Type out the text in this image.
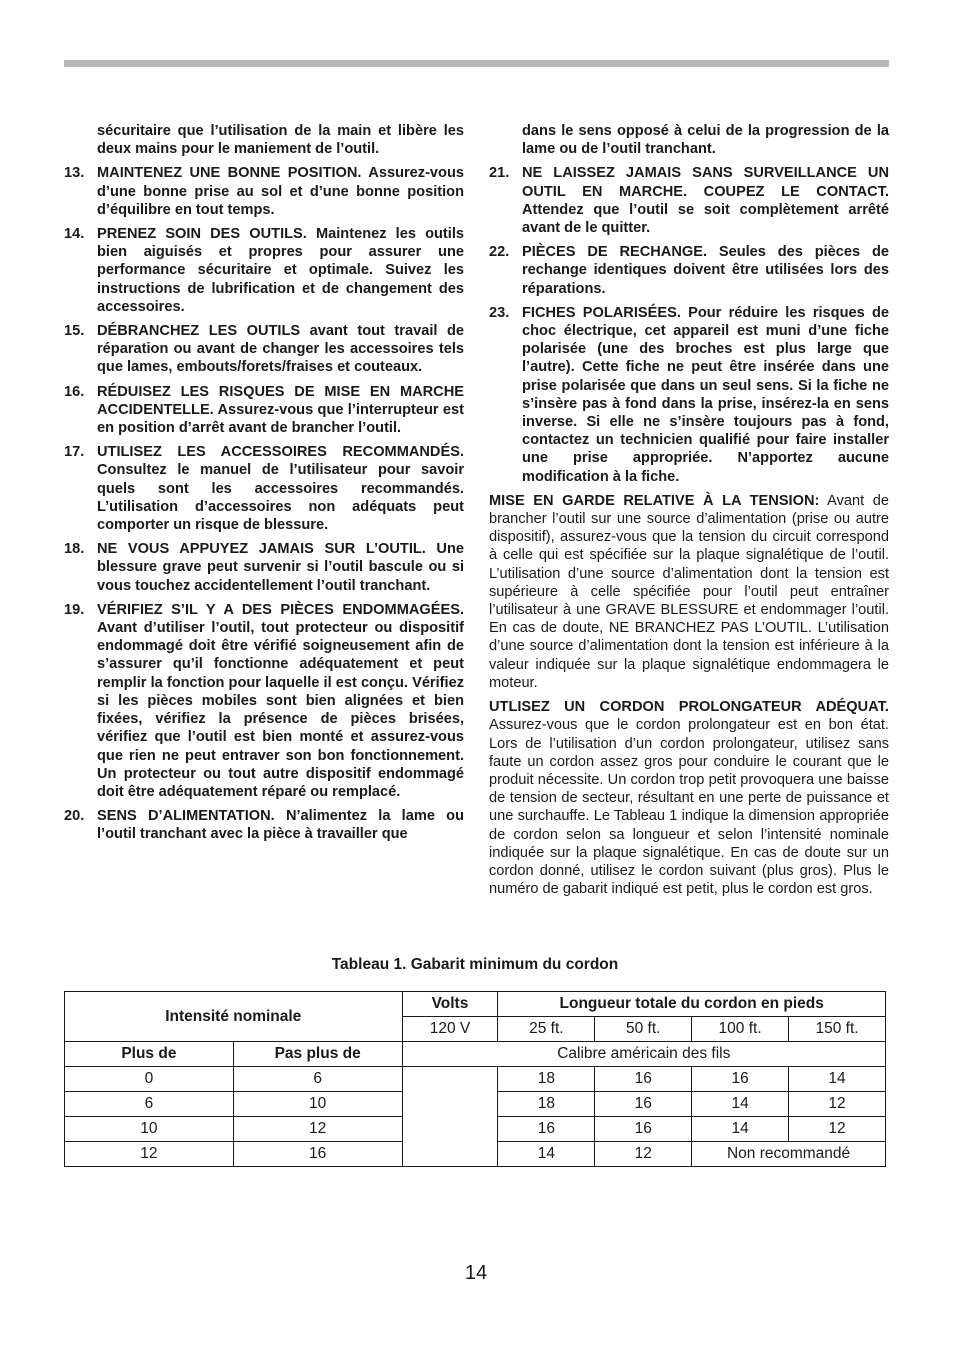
sécuritaire que l’utilisation de la main et libère les deux mains pour le maniement de l’outil.
13. MAINTENEZ UNE BONNE POSITION. Assurez-vous d’une bonne prise au sol et d’une bonne position d’équilibre en tout temps.
14. PRENEZ SOIN DES OUTILS. Maintenez les outils bien aiguisés et propres pour assurer une performance sécuritaire et optimale. Suivez les instructions de lubrification et de changement des accessoires.
15. DÉBRANCHEZ LES OUTILS avant tout travail de réparation ou avant de changer les accessoires tels que lames, embouts/forets/fraises et couteaux.
16. RÉDUISEZ LES RISQUES DE MISE EN MARCHE ACCIDENTELLE. Assurez-vous que l’interrupteur est en position d’arrêt avant de brancher l’outil.
17. UTILISEZ LES ACCESSOIRES RECOMMANDÉS. Consultez le manuel de l’utilisateur pour savoir quels sont les accessoires recommandés. L’utilisation d’accessoires non adéquats peut comporter un risque de blessure.
18. NE VOUS APPUYEZ JAMAIS SUR L’OUTIL. Une blessure grave peut survenir si l’outil bascule ou si vous touchez accidentellement l’outil tranchant.
19. VÉRIFIEZ S’IL Y A DES PIÈCES ENDOMMAGÉES. Avant d’utiliser l’outil, tout protecteur ou dispositif endommagé doit être vérifié soigneusement afin de s’assurer qu’il fonctionne adéquatement et peut remplir la fonction pour laquelle il est conçu. Vérifiez si les pièces mobiles sont bien alignées et bien fixées, vérifiez la présence de pièces brisées, vérifiez que l’outil est bien monté et assurez-vous que rien ne peut entraver son bon fonctionnement. Un protecteur ou tout autre dispositif endommagé doit être adéquatement réparé ou remplacé.
20. SENS D’ALIMENTATION. N’alimentez la lame ou l’outil tranchant avec la pièce à travailler que
dans le sens opposé à celui de la progression de la lame ou de l’outil tranchant.
21. NE LAISSEZ JAMAIS SANS SURVEILLANCE UN OUTIL EN MARCHE. COUPEZ LE CONTACT. Attendez que l’outil se soit complètement arrêté avant de le quitter.
22. PIÈCES DE RECHANGE. Seules des pièces de rechange identiques doivent être utilisées lors des réparations.
23. FICHES POLARISÉES. Pour réduire les risques de choc électrique, cet appareil est muni d’une fiche polarisée (une des broches est plus large que l’autre). Cette fiche ne peut être insérée dans une prise polarisée que dans un seul sens. Si la fiche ne s’insère pas à fond dans la prise, insérez-la en sens inverse. Si elle ne s’insère toujours pas à fond, contactez un technicien qualifié pour faire installer une prise appropriée. N’apportez aucune modification à la fiche.
MISE EN GARDE RELATIVE À LA TENSION: Avant de brancher l’outil sur une source d’alimentation (prise ou autre dispositif), assurez-vous que la tension du circuit correspond à celle qui est spécifiée sur la plaque signalétique de l’outil. L’utilisation d’une source d’alimentation dont la tension est supérieure à celle spécifiée pour l’outil peut entraîner l’utilisateur à une GRAVE BLESSURE et endommager l’outil. En cas de doute, NE BRANCHEZ PAS L’OUTIL. L’utilisation d’une source d’alimentation dont la tension est inférieure à la valeur indiquée sur la plaque signalétique endommagera le moteur.
UTLISEZ UN CORDON PROLONGATEUR ADÉQUAT. Assurez-vous que le cordon prolongateur est en bon état. Lors de l’utilisation d’un cordon prolongateur, utilisez sans faute un cordon assez gros pour conduire le courant que le produit nécessite. Un cordon trop petit provoquera une baisse de tension de secteur, résultant en une perte de puissance et une surchauffe. Le Tableau 1 indique la dimension appropriée de cordon selon sa longueur et selon l’intensité nominale indiquée sur la plaque signalétique. En cas de doute sur un cordon donné, utilisez le cordon suivant (plus gros). Plus le numéro de gabarit indiqué est petit, plus le cordon est gros.
Tableau 1. Gabarit minimum du cordon
Intensité nominale		Volts	Longueur totale du cordon en pieds			
		120 V	25 ft.	50 ft.	100 ft.	150 ft.
Plus de	Pas plus de	Calibre américain des fils				
0	6		18	16	16	14
6	10		18	16	14	12
10	12		16	16	14	12
12	16		14	12	Non recommandé	
14
